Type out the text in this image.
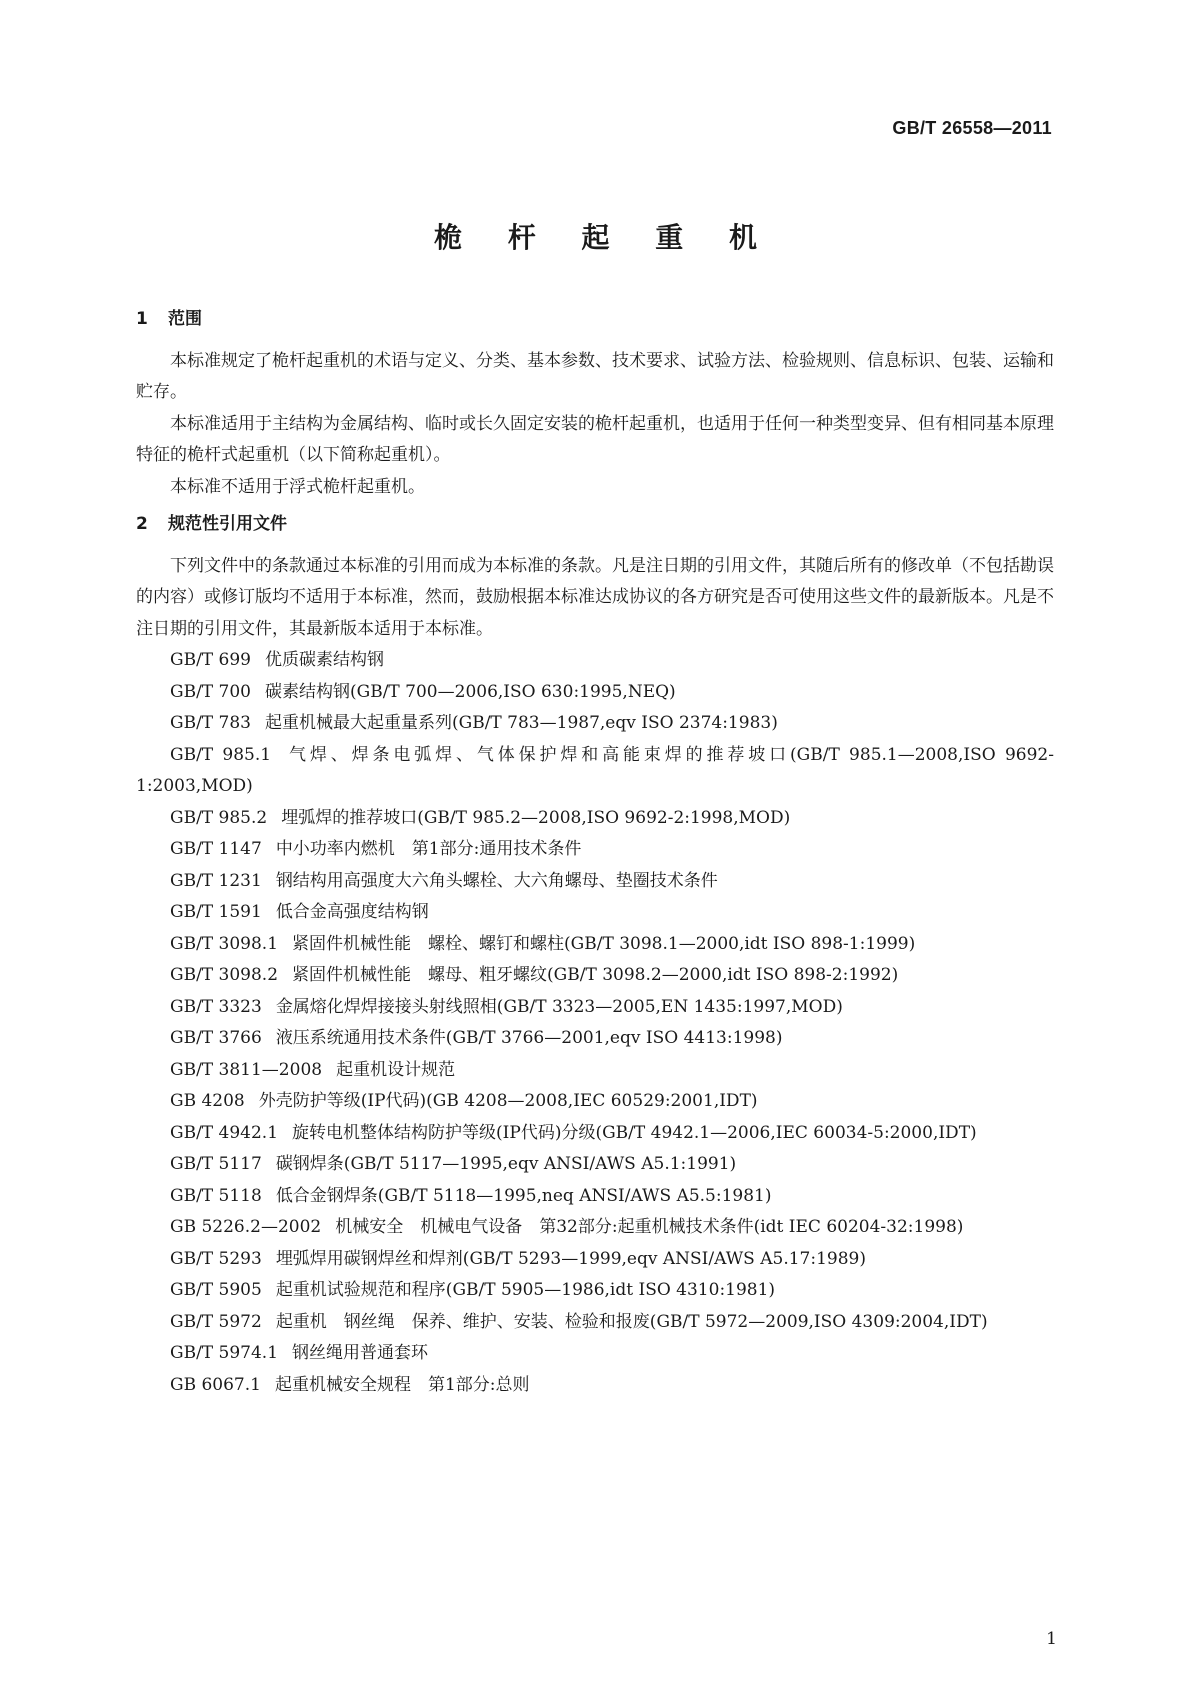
GB/T 26558—2011
桅 杆 起 重 机
1 范围

本标准规定了桅杆起重机的术语与定义、分类、基本参数、技术要求、试验方法、检验规则、信息标识、包装、运输和贮存。

本标准适用于主结构为金属结构、临时或长久固定安装的桅杆起重机，也适用于任何一种类型变异、但有相同基本原理特征的桅杆式起重机（以下简称起重机）。

本标准不适用于浮式桅杆起重机。

2 规范性引用文件

下列文件中的条款通过本标准的引用而成为本标准的条款。凡是注日期的引用文件，其随后所有的修改单（不包括勘误的内容）或修订版均不适用于本标准，然而，鼓励根据本标准达成协议的各方研究是否可使用这些文件的最新版本。凡是不注日期的引用文件，其最新版本适用于本标准。

GB/T 699 优质碳素结构钢
GB/T 700 碳素结构钢(GB/T 700—2006,ISO 630:1995,NEQ)
GB/T 783 起重机械最大起重量系列(GB/T 783—1987,eqv ISO 2374:1983)
GB/T 985.1 气焊、焊条电弧焊、气体保护焊和高能束焊的推荐坡口(GB/T 985.1—2008,ISO 9692-1:2003,MOD)
GB/T 985.2 埋弧焊的推荐坡口(GB/T 985.2—2008,ISO 9692-2:1998,MOD)
GB/T 1147 中小功率内燃机　第1部分:通用技术条件
GB/T 1231 钢结构用高强度大六角头螺栓、大六角螺母、垫圈技术条件
GB/T 1591 低合金高强度结构钢
GB/T 3098.1 紧固件机械性能　螺栓、螺钉和螺柱(GB/T 3098.1—2000,idt ISO 898-1:1999)
GB/T 3098.2 紧固件机械性能　螺母、粗牙螺纹(GB/T 3098.2—2000,idt ISO 898-2:1992)
GB/T 3323 金属熔化焊焊接接头射线照相(GB/T 3323—2005,EN 1435:1997,MOD)
GB/T 3766 液压系统通用技术条件(GB/T 3766—2001,eqv ISO 4413:1998)
GB/T 3811—2008 起重机设计规范
GB 4208 外壳防护等级(IP代码)(GB 4208—2008,IEC 60529:2001,IDT)
GB/T 4942.1 旋转电机整体结构防护等级(IP代码)分级(GB/T 4942.1—2006,IEC 60034-5:2000,IDT)
GB/T 5117 碳钢焊条(GB/T 5117—1995,eqv ANSI/AWS A5.1:1991)
GB/T 5118 低合金钢焊条(GB/T 5118—1995,neq ANSI/AWS A5.5:1981)
GB 5226.2—2002 机械安全　机械电气设备　第32部分:起重机械技术条件(idt IEC 60204-32:1998)
GB/T 5293 埋弧焊用碳钢焊丝和焊剂(GB/T 5293—1999,eqv ANSI/AWS A5.17:1989)
GB/T 5905 起重机试验规范和程序(GB/T 5905—1986,idt ISO 4310:1981)
GB/T 5972 起重机　钢丝绳　保养、维护、安装、检验和报废(GB/T 5972—2009,ISO 4309:2004,IDT)
GB/T 5974.1 钢丝绳用普通套环
GB 6067.1 起重机械安全规程　第1部分:总则
1
